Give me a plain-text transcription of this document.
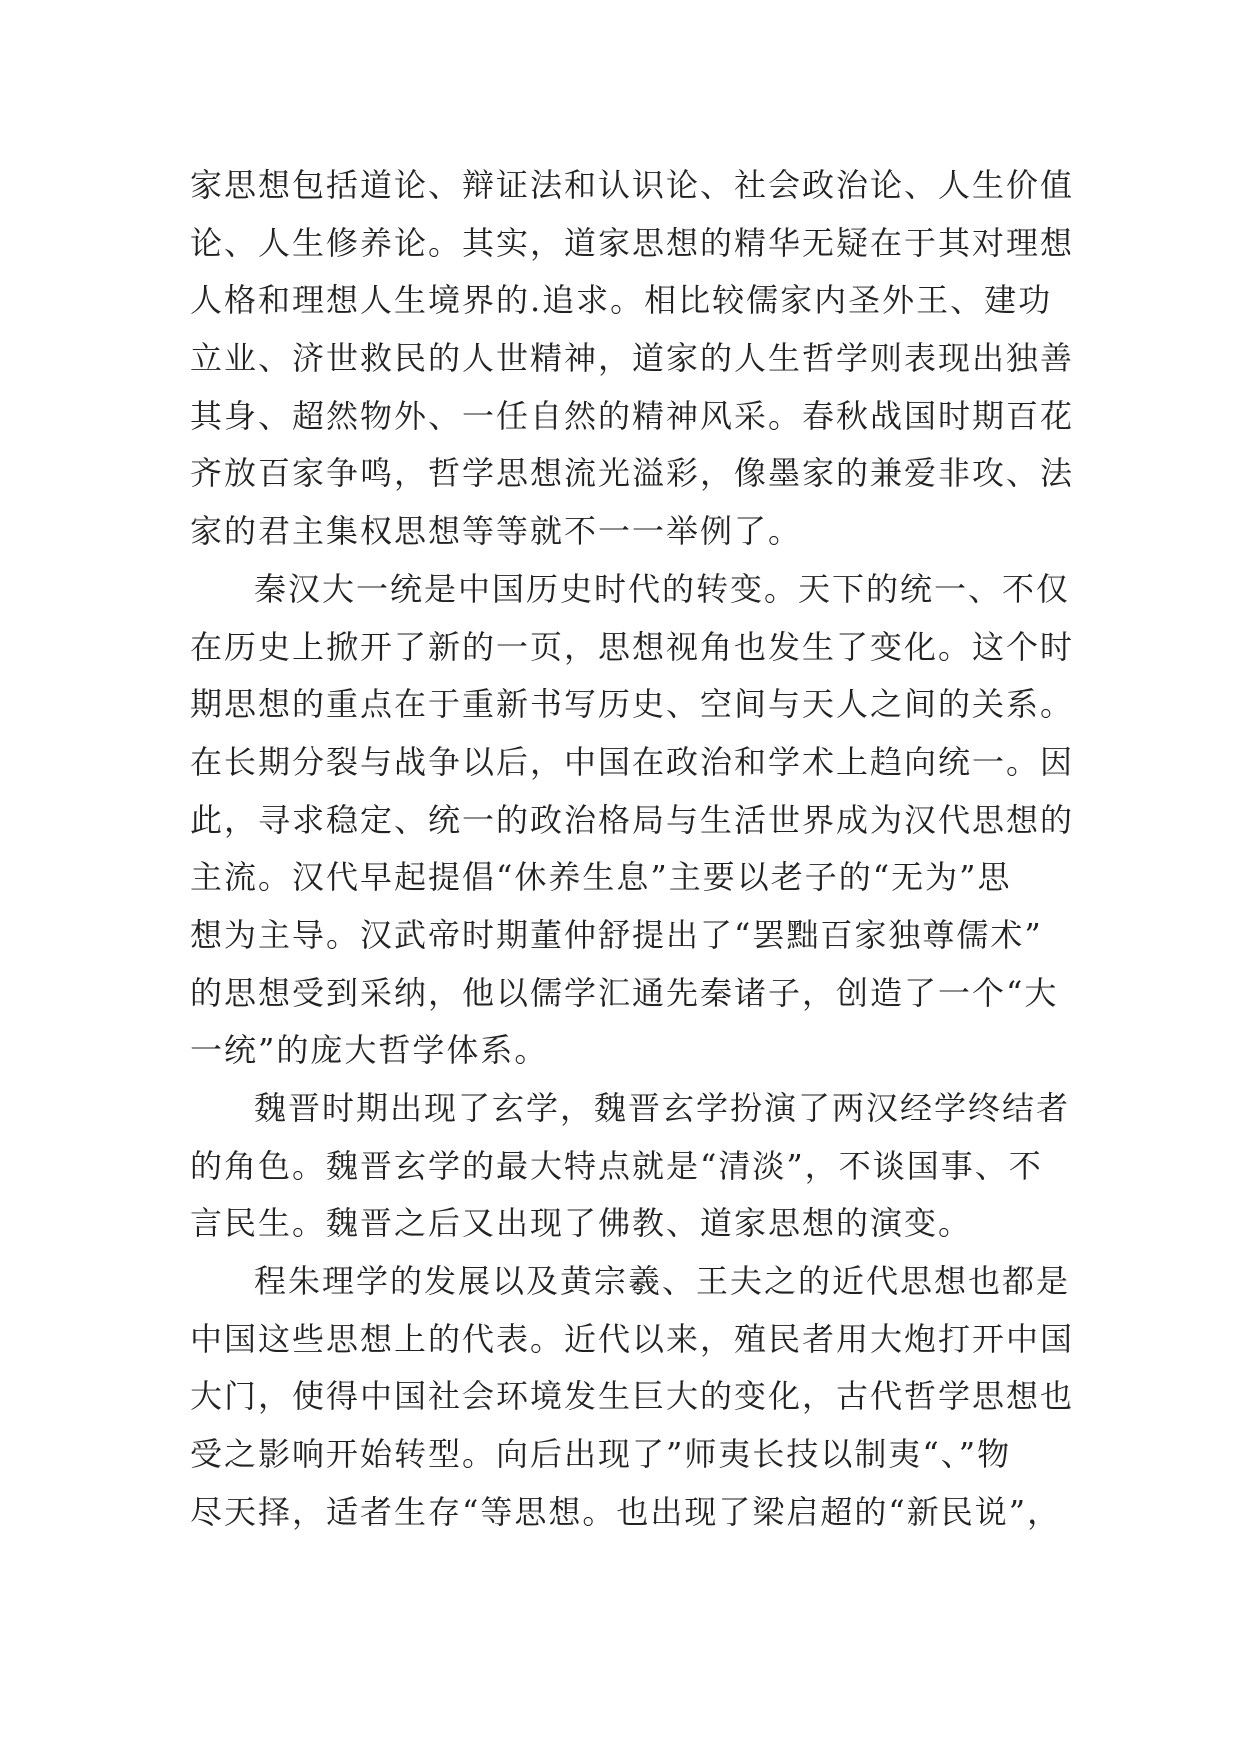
家思想包括道论、辩证法和认识论、社会政治论、人生价值
论、人生修养论。其实，道家思想的精华无疑在于其对理想
人格和理想人生境界的.追求。相比较儒家内圣外王、建功
立业、济世救民的人世精神，道家的人生哲学则表现出独善
其身、超然物外、一任自然的精神风采。春秋战国时期百花
齐放百家争鸣，哲学思想流光溢彩，像墨家的兼爱非攻、法
家的君主集权思想等等就不一一举例了。
秦汉大一统是中国历史时代的转变。天下的统一、不仅
在历史上掀开了新的一页，思想视角也发生了变化。这个时
期思想的重点在于重新书写历史、空间与天人之间的关系。
在长期分裂与战争以后，中国在政治和学术上趋向统一。因
此，寻求稳定、统一的政治格局与生活世界成为汉代思想的
主流。汉代早起提倡“休养生息”主要以老子的“无为”思
想为主导。汉武帝时期董仲舒提出了“罢黜百家独尊儒术”
的思想受到采纳，他以儒学汇通先秦诸子，创造了一个“大
一统”的庞大哲学体系。
魏晋时期出现了玄学，魏晋玄学扮演了两汉经学终结者
的角色。魏晋玄学的最大特点就是“清淡”，不谈国事、不
言民生。魏晋之后又出现了佛教、道家思想的演变。
程朱理学的发展以及黄宗羲、王夫之的近代思想也都是
中国这些思想上的代表。近代以来，殖民者用大炮打开中国
大门，使得中国社会环境发生巨大的变化，古代哲学思想也
受之影响开始转型。向后出现了”师夷长技以制夷“、”物
尽天择，适者生存“等思想。也出现了梁启超的“新民说”，
